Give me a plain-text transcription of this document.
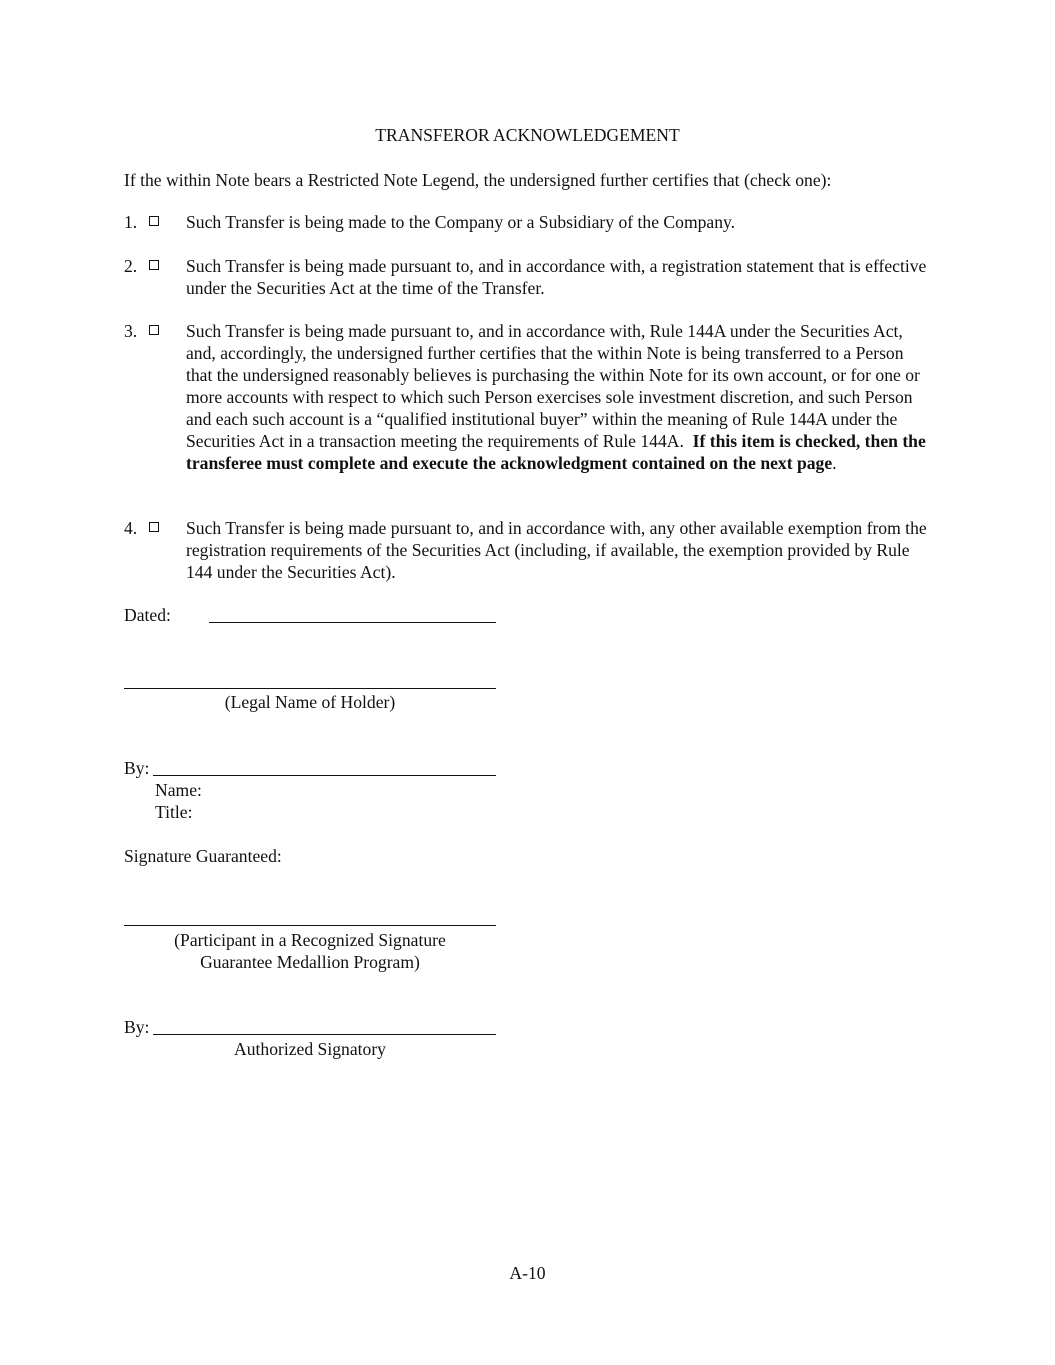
TRANSFEROR ACKNOWLEDGEMENT
If the within Note bears a Restricted Note Legend, the undersigned further certifies that (check one):
1.	Such Transfer is being made to the Company or a Subsidiary of the Company.
2.	Such Transfer is being made pursuant to, and in accordance with, a registration statement that is effective under the Securities Act at the time of the Transfer.
3.	Such Transfer is being made pursuant to, and in accordance with, Rule 144A under the Securities Act, and, accordingly, the undersigned further certifies that the within Note is being transferred to a Person that the undersigned reasonably believes is purchasing the within Note for its own account, or for one or more accounts with respect to which such Person exercises sole investment discretion, and such Person and each such account is a “qualified institutional buyer” within the meaning of Rule 144A under the Securities Act in a transaction meeting the requirements of Rule 144A. If this item is checked, then the transferee must complete and execute the acknowledgment contained on the next page.
4.	Such Transfer is being made pursuant to, and in accordance with, any other available exemption from the registration requirements of the Securities Act (including, if available, the exemption provided by Rule 144 under the Securities Act).
Dated:
(Legal Name of Holder)
By:
Name:
Title:
Signature Guaranteed:
(Participant in a Recognized Signature
Guarantee Medallion Program)
By:
Authorized Signatory
A-10
